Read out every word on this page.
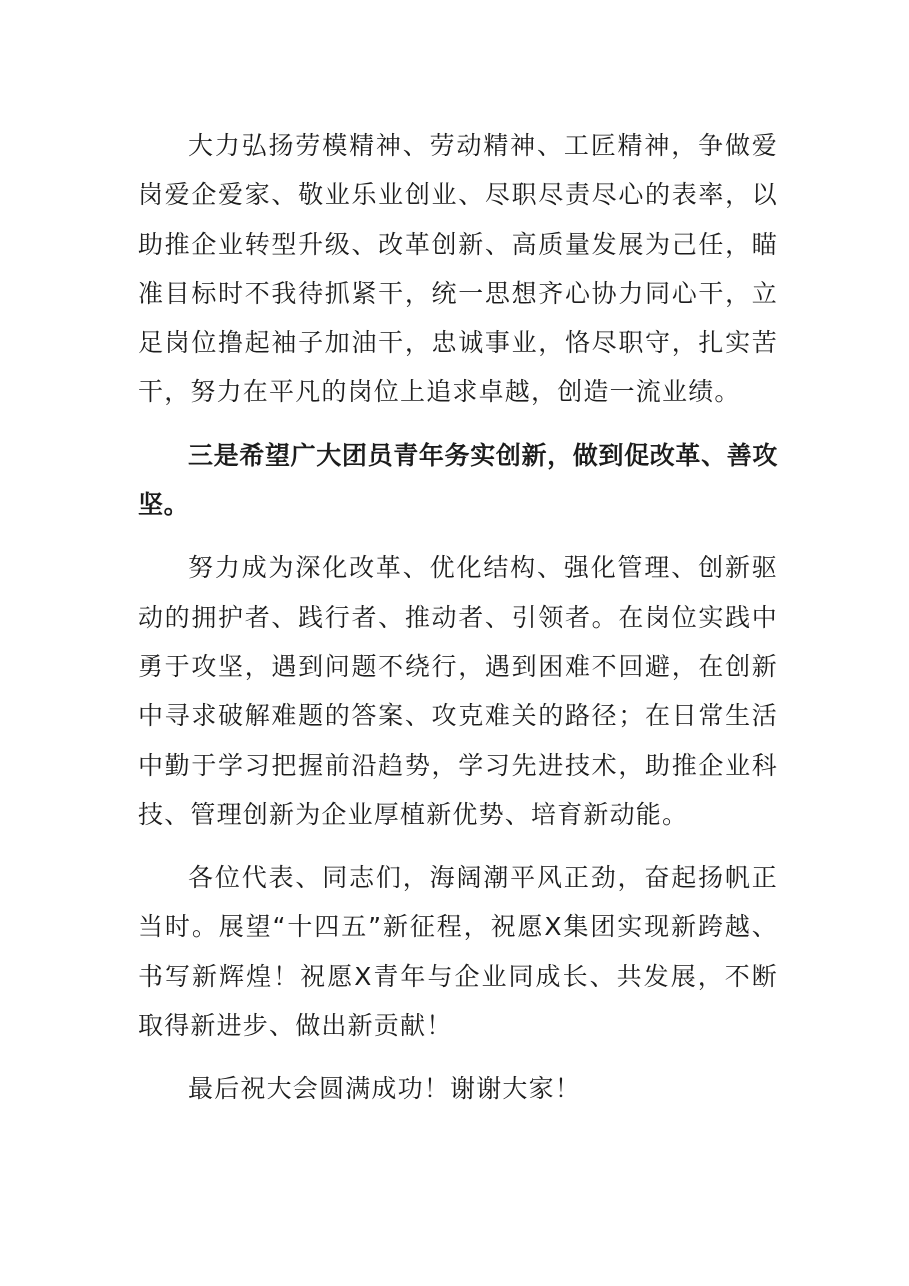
大力弘扬劳模精神、劳动精神、工匠精神，争做爱岗爱企爱家、敬业乐业创业、尽职尽责尽心的表率，以助推企业转型升级、改革创新、高质量发展为己任，瞄准目标时不我待抓紧干，统一思想齐心协力同心干，立足岗位撸起袖子加油干，忠诚事业，恪尽职守，扎实苦干，努力在平凡的岗位上追求卓越，创造一流业绩。

三是希望广大团员青年务实创新，做到促改革、善攻坚。

努力成为深化改革、优化结构、强化管理、创新驱动的拥护者、践行者、推动者、引领者。在岗位实践中勇于攻坚，遇到问题不绕行，遇到困难不回避，在创新中寻求破解难题的答案、攻克难关的路径；在日常生活中勤于学习把握前沿趋势，学习先进技术，助推企业科技、管理创新为企业厚植新优势、培育新动能。

各位代表、同志们，海阔潮平风正劲，奋起扬帆正当时。展望“十四五”新征程，祝愿X集团实现新跨越、书写新辉煌！祝愿X青年与企业同成长、共发展，不断取得新进步、做出新贡献！

最后祝大会圆满成功！谢谢大家！
